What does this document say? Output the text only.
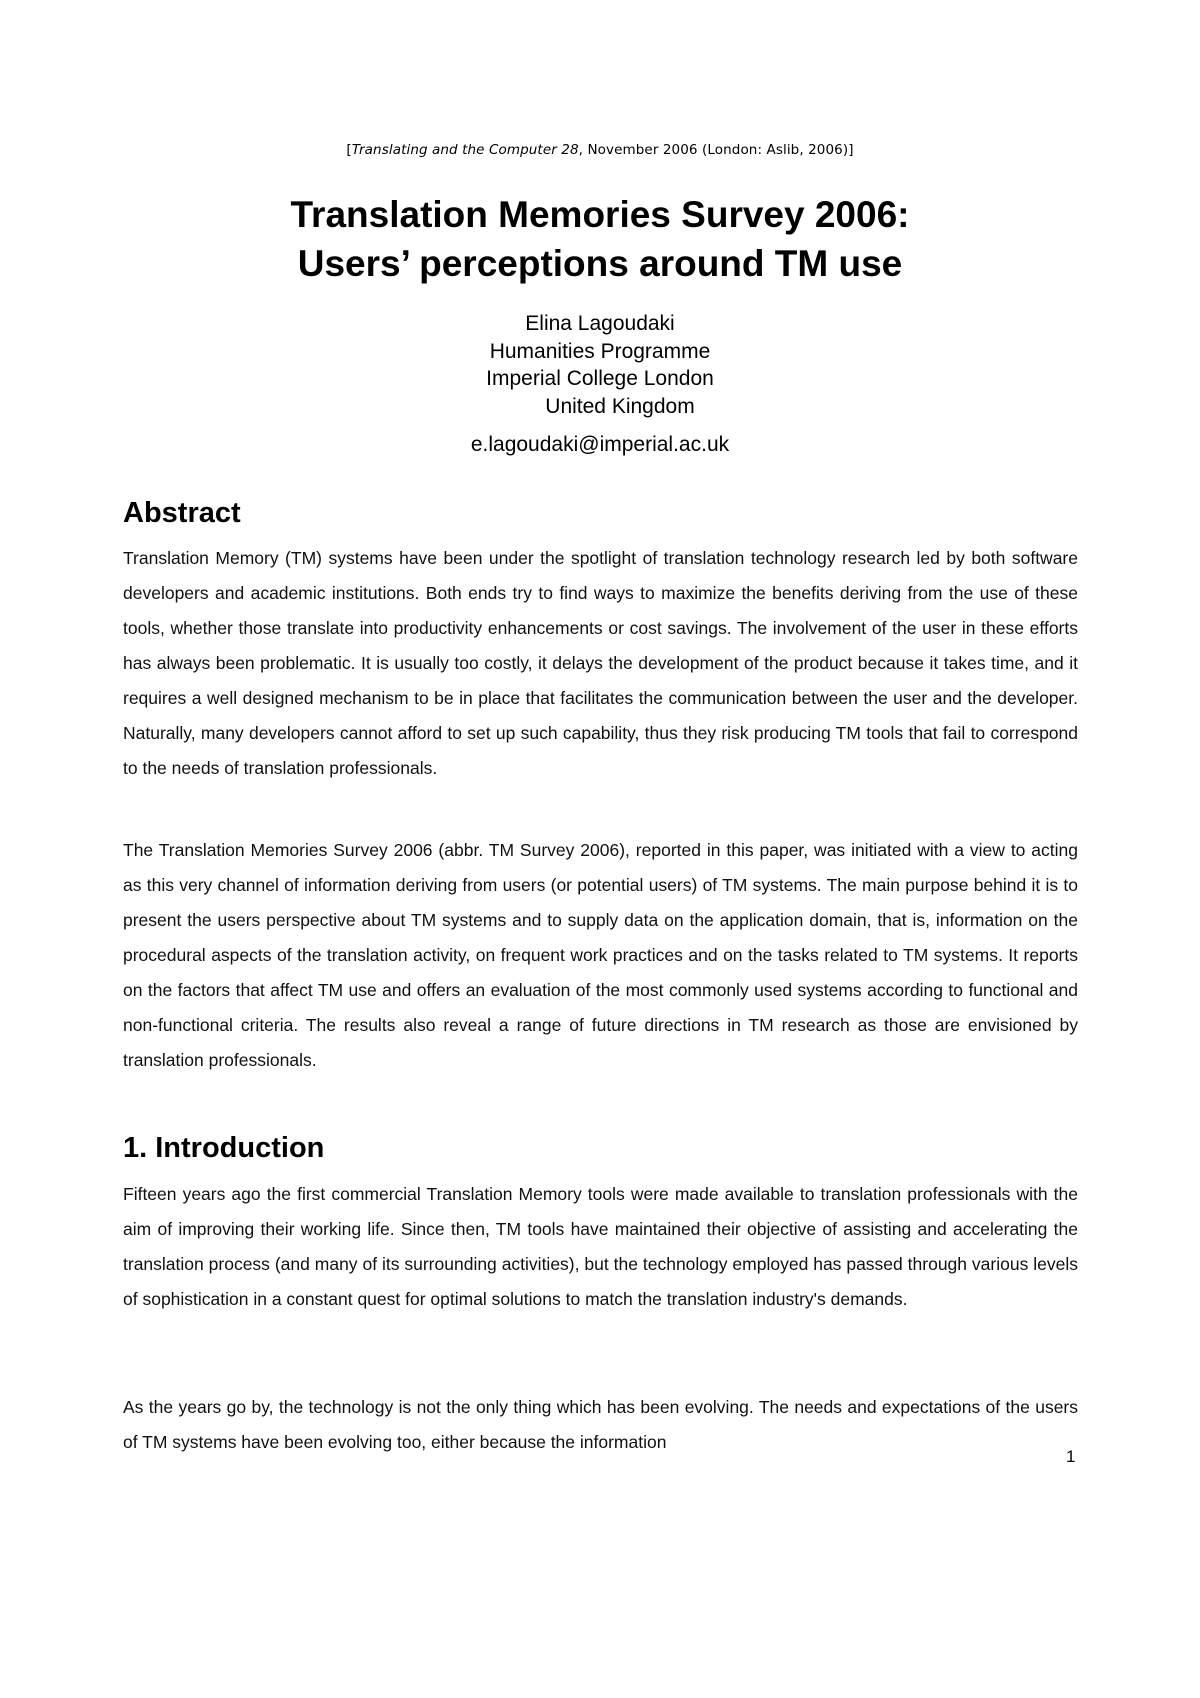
[Translating and the Computer 28, November 2006 (London: Aslib, 2006)]
Translation Memories Survey 2006:
Users’ perceptions around TM use
Elina Lagoudaki
Humanities Programme
Imperial College London
United Kingdom
e.lagoudaki@imperial.ac.uk
Abstract

Translation Memory (TM) systems have been under the spotlight of translation technology research led by both software developers and academic institutions. Both ends try to find ways to maximize the benefits deriving from the use of these tools, whether those translate into productivity enhancements or cost savings. The involvement of the user in these efforts has always been problematic. It is usually too costly, it delays the development of the product because it takes time, and it requires a well designed mechanism to be in place that facilitates the communication between the user and the developer. Naturally, many developers cannot afford to set up such capability, thus they risk producing TM tools that fail to correspond to the needs of translation professionals.

The Translation Memories Survey 2006 (abbr. TM Survey 2006), reported in this paper, was initiated with a view to acting as this very channel of information deriving from users (or potential users) of TM systems. The main purpose behind it is to present the users perspective about TM systems and to supply data on the application domain, that is, information on the procedural aspects of the translation activity, on frequent work practices and on the tasks related to TM systems. It reports on the factors that affect TM use and offers an evaluation of the most commonly used systems according to functional and non-functional criteria. The results also reveal a range of future directions in TM research as those are envisioned by translation professionals.

1. Introduction

Fifteen years ago the first commercial Translation Memory tools were made available to translation professionals with the aim of improving their working life. Since then, TM tools have maintained their objective of assisting and accelerating the translation process (and many of its surrounding activities), but the technology employed has passed through various levels of sophistication in a constant quest for optimal solutions to match the translation industry's demands.

As the years go by, the technology is not the only thing which has been evolving. The needs and expectations of the users of TM systems have been evolving too, either because the information

1
